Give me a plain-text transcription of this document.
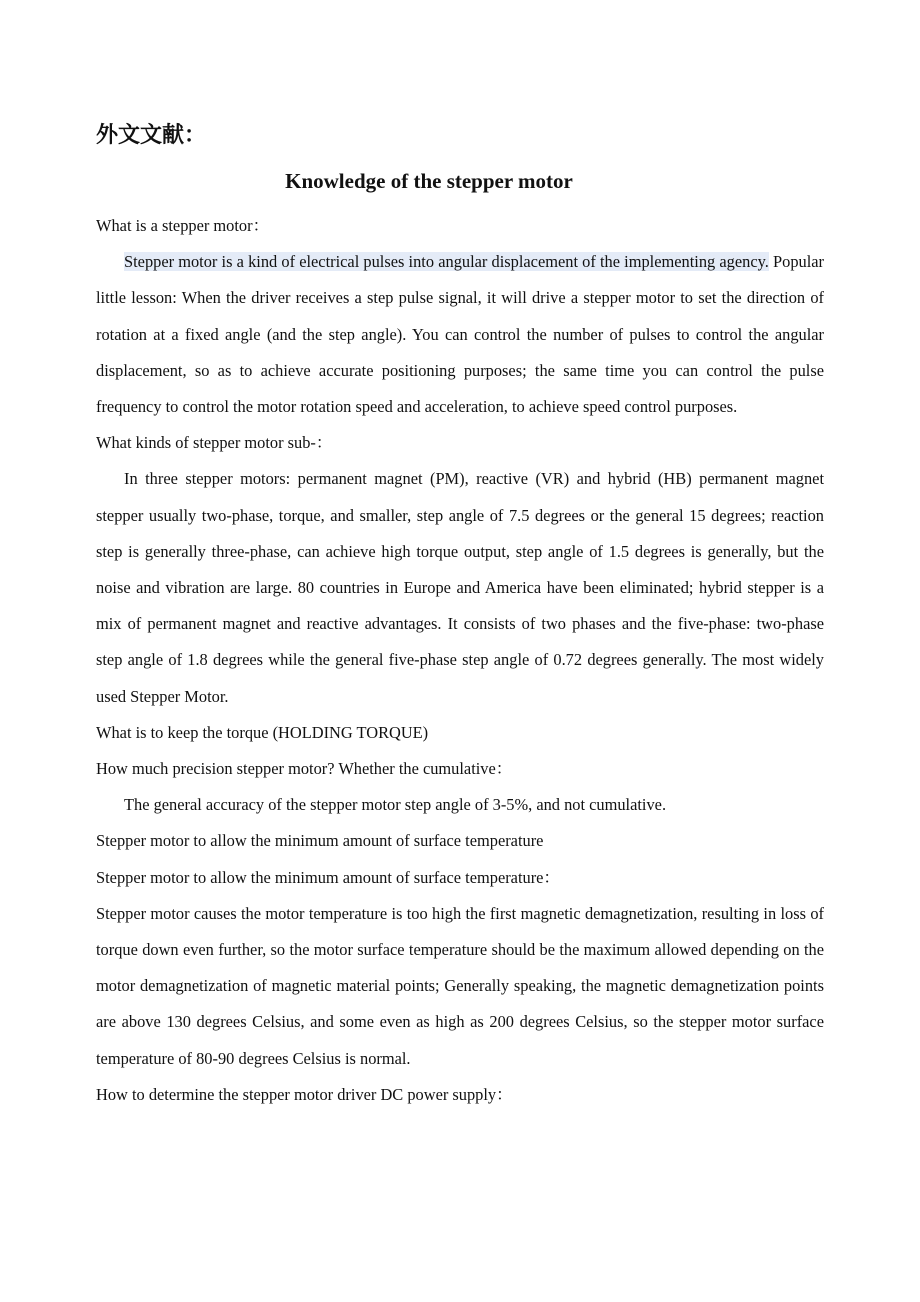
外文文献：
Knowledge of the stepper motor

What is a stepper motor：

Stepper motor is a kind of electrical pulses into angular displacement of the implementing agency. Popular little lesson: When the driver receives a step pulse signal, it will drive a stepper motor to set the direction of rotation at a fixed angle (and the step angle). You can control the number of pulses to control the angular displacement, so as to achieve accurate positioning purposes; the same time you can control the pulse frequency to control the motor rotation speed and acceleration, to achieve speed control purposes.

What kinds of stepper motor sub-：

In three stepper motors: permanent magnet (PM), reactive (VR) and hybrid (HB) permanent magnet stepper usually two-phase, torque, and smaller, step angle of 7.5 degrees or the general 15 degrees; reaction step is generally three-phase, can achieve high torque output, step angle of 1.5 degrees is generally, but the noise and vibration are large. 80 countries in Europe and America have been eliminated; hybrid stepper is a mix of permanent magnet and reactive advantages. It consists of two phases and the five-phase: two-phase step angle of 1.8 degrees while the general five-phase step angle of 0.72 degrees generally. The most widely used Stepper Motor.

What is to keep the torque (HOLDING TORQUE)

How much precision stepper motor? Whether the cumulative：

The general accuracy of the stepper motor step angle of 3-5%, and not cumulative.

Stepper motor to allow the minimum amount of surface temperature

Stepper motor to allow the minimum amount of surface temperature：

Stepper motor causes the motor temperature is too high the first magnetic demagnetization, resulting in loss of torque down even further, so the motor surface temperature should be the maximum allowed depending on the motor demagnetization of magnetic material points; Generally speaking, the magnetic demagnetization points are above 130 degrees Celsius, and some even as high as 200 degrees Celsius, so the stepper motor surface temperature of 80-90 degrees Celsius is normal.

How to determine the stepper motor driver DC power supply：
